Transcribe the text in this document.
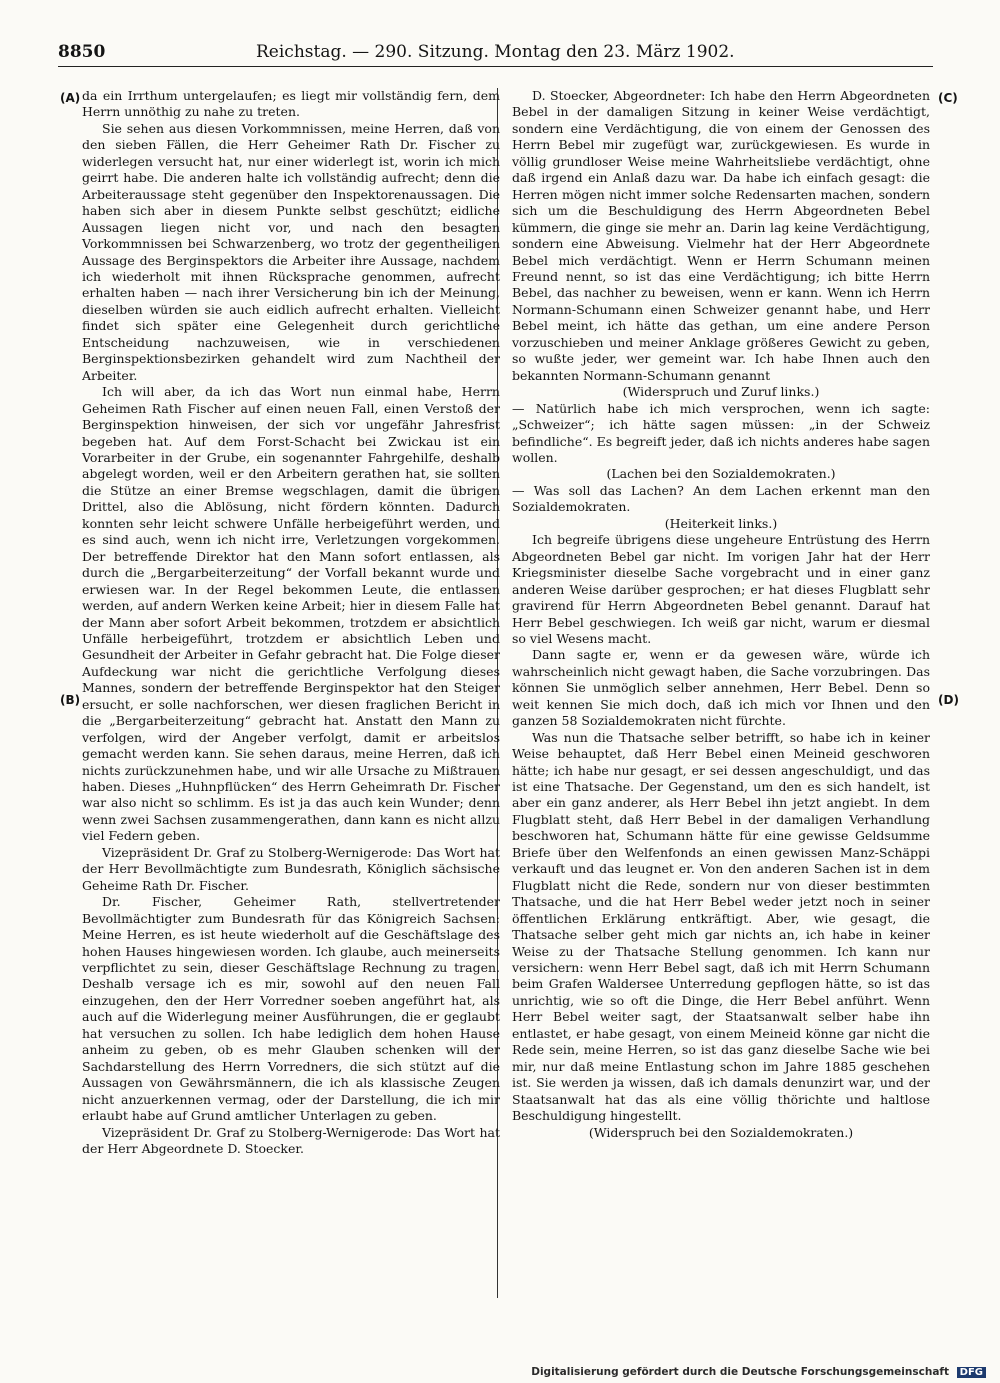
8850	Reichstag. — 290. Sitzung. Montag den 23. März 1902.
(A)
(B)
(C)
(D)

da ein Irrthum untergelaufen; es liegt mir vollständig fern, dem Herrn unnöthig zu nahe zu treten.

Sie sehen aus diesen Vorkommnissen, meine Herren, daß von den sieben Fällen, die Herr Geheimer Rath Dr. Fischer zu widerlegen versucht hat, nur einer widerlegt ist, worin ich mich geirrt habe. Die anderen halte ich vollständig aufrecht; denn die Arbeiteraussage steht gegenüber den Inspektorenaussagen. Die haben sich aber in diesem Punkte selbst geschützt; eidliche Aussagen liegen nicht vor, und nach den besagten Vorkommnissen bei Schwarzenberg, wo trotz der gegentheiligen Aussage des Berginspektors die Arbeiter ihre Aussage, nachdem ich wiederholt mit ihnen Rücksprache genommen, aufrecht erhalten haben — nach ihrer Versicherung bin ich der Meinung, dieselben würden sie auch eidlich aufrecht erhalten. Vielleicht findet sich später eine Gelegenheit durch gerichtliche Entscheidung nachzuweisen, wie in verschiedenen Berginspektionsbezirken gehandelt wird zum Nachtheil der Arbeiter.

Ich will aber, da ich das Wort nun einmal habe, Herrn Geheimen Rath Fischer auf einen neuen Fall, einen Verstoß der Berginspektion hinweisen, der sich vor ungefähr Jahresfrist begeben hat. Auf dem Forst-Schacht bei Zwickau ist ein Vorarbeiter in der Grube, ein sogenannter Fahrgehilfe, deshalb abgelegt worden, weil er den Arbeitern gerathen hat, sie sollten die Stütze an einer Bremse wegschlagen, damit die übrigen Drittel, also die Ablösung, nicht fördern könnten. Dadurch konnten sehr leicht schwere Unfälle herbeigeführt werden, und es sind auch, wenn ich nicht irre, Verletzungen vorgekommen. Der betreffende Direktor hat den Mann sofort entlassen, als durch die „Bergarbeiterzeitung“ der Vorfall bekannt wurde und erwiesen war. In der Regel bekommen Leute, die entlassen werden, auf andern Werken keine Arbeit; hier in diesem Falle hat der Mann aber sofort Arbeit bekommen, trotzdem er absichtlich Unfälle herbeigeführt, trotzdem er absichtlich Leben und Gesundheit der Arbeiter in Gefahr gebracht hat. Die Folge dieser Aufdeckung war nicht die gerichtliche Verfolgung dieses Mannes, sondern der betreffende Berginspektor hat den Steiger ersucht, er solle nachforschen, wer diesen fraglichen Bericht in die „Bergarbeiterzeitung“ gebracht hat. Anstatt den Mann zu verfolgen, wird der Angeber verfolgt, damit er arbeitslos gemacht werden kann. Sie sehen daraus, meine Herren, daß ich nichts zurückzunehmen habe, und wir alle Ursache zu Mißtrauen haben. Dieses „Huhnpflücken“ des Herrn Geheimrath Dr. Fischer war also nicht so schlimm. Es ist ja das auch kein Wunder; denn wenn zwei Sachsen zusammengerathen, dann kann es nicht allzu viel Federn geben.

Vizepräsident Dr. Graf zu Stolberg-Wernigerode: Das Wort hat der Herr Bevollmächtigte zum Bundesrath, Königlich sächsische Geheime Rath Dr. Fischer.

Dr. Fischer, Geheimer Rath, stellvertretender Bevollmächtigter zum Bundesrath für das Königreich Sachsen: Meine Herren, es ist heute wiederholt auf die Geschäftslage des hohen Hauses hingewiesen worden. Ich glaube, auch meinerseits verpflichtet zu sein, dieser Geschäftslage Rechnung zu tragen. Deshalb versage ich es mir, sowohl auf den neuen Fall einzugehen, den der Herr Vorredner soeben angeführt hat, als auch auf die Widerlegung meiner Ausführungen, die er geglaubt hat versuchen zu sollen. Ich habe lediglich dem hohen Hause anheim zu geben, ob es mehr Glauben schenken will der Sachdarstellung des Herrn Vorredners, die sich stützt auf die Aussagen von Gewährsmännern, die ich als klassische Zeugen nicht anzuerkennen vermag, oder der Darstellung, die ich mir erlaubt habe auf Grund amtlicher Unterlagen zu geben.

Vizepräsident Dr. Graf zu Stolberg-Wernigerode: Das Wort hat der Herr Abgeordnete D. Stoecker.

D. Stoecker, Abgeordneter: Ich habe den Herrn Abgeordneten Bebel in der damaligen Sitzung in keiner Weise verdächtigt, sondern eine Verdächtigung, die von einem der Genossen des Herrn Bebel mir zugefügt war, zurückgewiesen. Es wurde in völlig grundloser Weise meine Wahrheitsliebe verdächtigt, ohne daß irgend ein Anlaß dazu war. Da habe ich einfach gesagt: die Herren mögen nicht immer solche Redensarten machen, sondern sich um die Beschuldigung des Herrn Abgeordneten Bebel kümmern, die ginge sie mehr an. Darin lag keine Verdächtigung, sondern eine Abweisung. Vielmehr hat der Herr Abgeordnete Bebel mich verdächtigt. Wenn er Herrn Schumann meinen Freund nennt, so ist das eine Verdächtigung; ich bitte Herrn Bebel, das nachher zu beweisen, wenn er kann. Wenn ich Herrn Normann-Schumann einen Schweizer genannt habe, und Herr Bebel meint, ich hätte das gethan, um eine andere Person vorzuschieben und meiner Anklage größeres Gewicht zu geben, so wußte jeder, wer gemeint war. Ich habe Ihnen auch den bekannten Normann-Schumann genannt

(Widerspruch und Zuruf links.)

— Natürlich habe ich mich versprochen, wenn ich sagte: „Schweizer“; ich hätte sagen müssen: „in der Schweiz befindliche“. Es begreift jeder, daß ich nichts anderes habe sagen wollen.

(Lachen bei den Sozialdemokraten.)

— Was soll das Lachen? An dem Lachen erkennt man den Sozialdemokraten.

(Heiterkeit links.)

Ich begreife übrigens diese ungeheure Entrüstung des Herrn Abgeordneten Bebel gar nicht. Im vorigen Jahr hat der Herr Kriegsminister dieselbe Sache vorgebracht und in einer ganz anderen Weise darüber gesprochen; er hat dieses Flugblatt sehr gravirend für Herrn Abgeordneten Bebel genannt. Darauf hat Herr Bebel geschwiegen. Ich weiß gar nicht, warum er diesmal so viel Wesens macht.

Dann sagte er, wenn er da gewesen wäre, würde ich wahrscheinlich nicht gewagt haben, die Sache vorzubringen. Das können Sie unmöglich selber annehmen, Herr Bebel. Denn so weit kennen Sie mich doch, daß ich mich vor Ihnen und den ganzen 58 Sozialdemokraten nicht fürchte.

Was nun die Thatsache selber betrifft, so habe ich in keiner Weise behauptet, daß Herr Bebel einen Meineid geschworen hätte; ich habe nur gesagt, er sei dessen angeschuldigt, und das ist eine Thatsache. Der Gegenstand, um den es sich handelt, ist aber ein ganz anderer, als Herr Bebel ihn jetzt angiebt. In dem Flugblatt steht, daß Herr Bebel in der damaligen Verhandlung beschworen hat, Schumann hätte für eine gewisse Geldsumme Briefe über den Welfenfonds an einen gewissen Manz-Schäppi verkauft und das leugnet er. Von den anderen Sachen ist in dem Flugblatt nicht die Rede, sondern nur von dieser bestimmten Thatsache, und die hat Herr Bebel weder jetzt noch in seiner öffentlichen Erklärung entkräftigt. Aber, wie gesagt, die Thatsache selber geht mich gar nichts an, ich habe in keiner Weise zu der Thatsache Stellung genommen. Ich kann nur versichern: wenn Herr Bebel sagt, daß ich mit Herrn Schumann beim Grafen Waldersee Unterredung gepflogen hätte, so ist das unrichtig, wie so oft die Dinge, die Herr Bebel anführt. Wenn Herr Bebel weiter sagt, der Staatsanwalt selber habe ihn entlastet, er habe gesagt, von einem Meineid könne gar nicht die Rede sein, meine Herren, so ist das ganz dieselbe Sache wie bei mir, nur daß meine Entlastung schon im Jahre 1885 geschehen ist. Sie werden ja wissen, daß ich damals denunzirt war, und der Staatsanwalt hat das als eine völlig thörichte und haltlose Beschuldigung hingestellt.

(Widerspruch bei den Sozialdemokraten.)

Digitalisierung gefördert durch die Deutsche Forschungsgemeinschaft DFG
